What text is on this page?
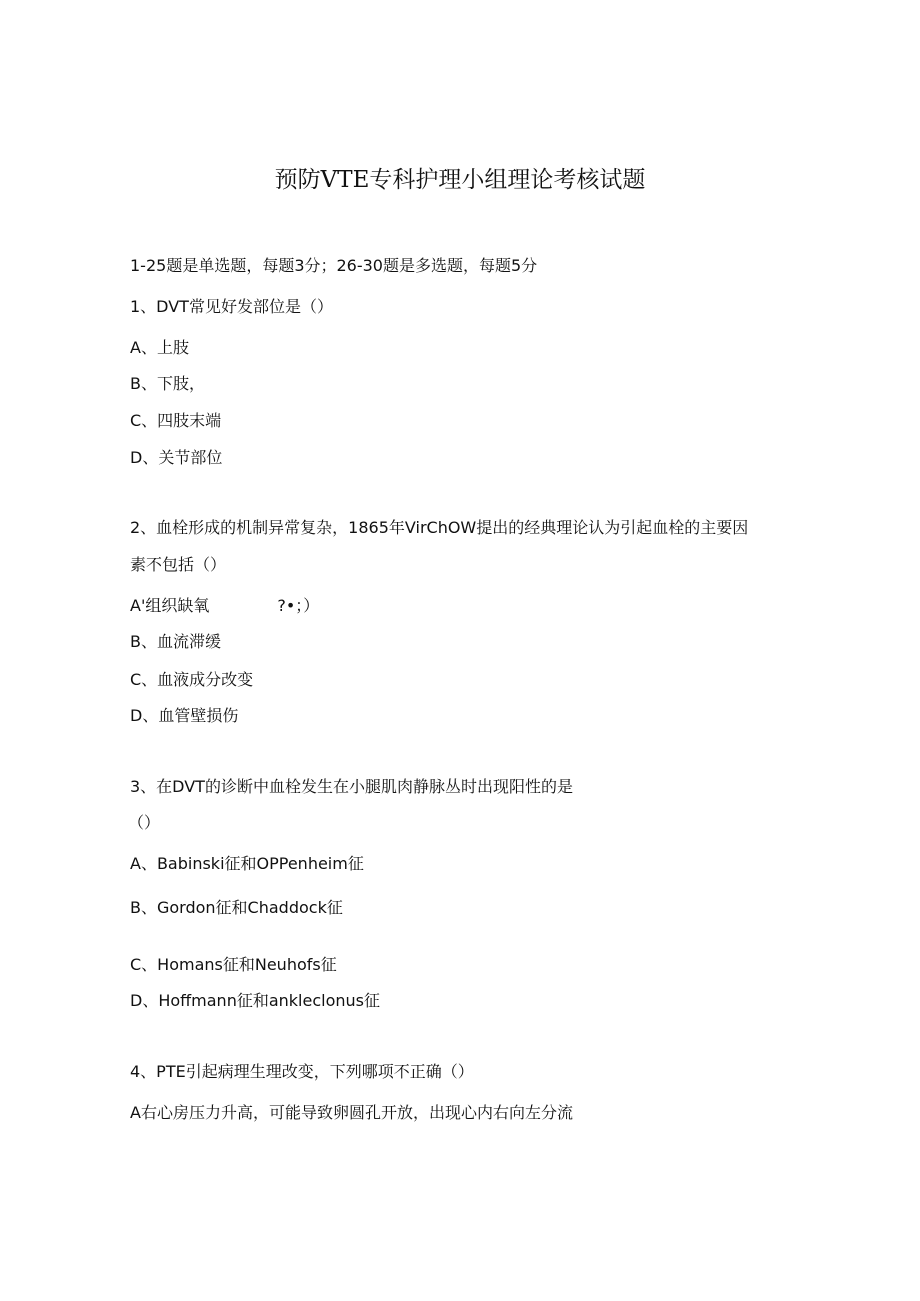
预防VTE专科护理小组理论考核试题
1-25题是单选题，每题3分；26-30题是多选题，每题5分
1、DVT常见好发部位是（）
A、上肢
B、下肢，
C、四肢末端
D、关节部位
2、血栓形成的机制异常复杂，1865年VirChOW提出的经典理论认为引起血栓的主要因
素不包括（）
A'组织缺氧	?•；）
B、血流滞缓
C、血液成分改变
D、血管壁损伤
3、在DVT的诊断中血栓发生在小腿肌肉静脉丛时出现阳性的是
（）
A、Babinski征和OPPenheim征
B、Gordon征和Chaddock征
C、Homans征和Neuhofs征
D、Hoffmann征和ankleclonus征
4、PTE引起病理生理改变，下列哪项不正确（）
A右心房压力升高，可能导致卵圆孔开放，出现心内右向左分流
